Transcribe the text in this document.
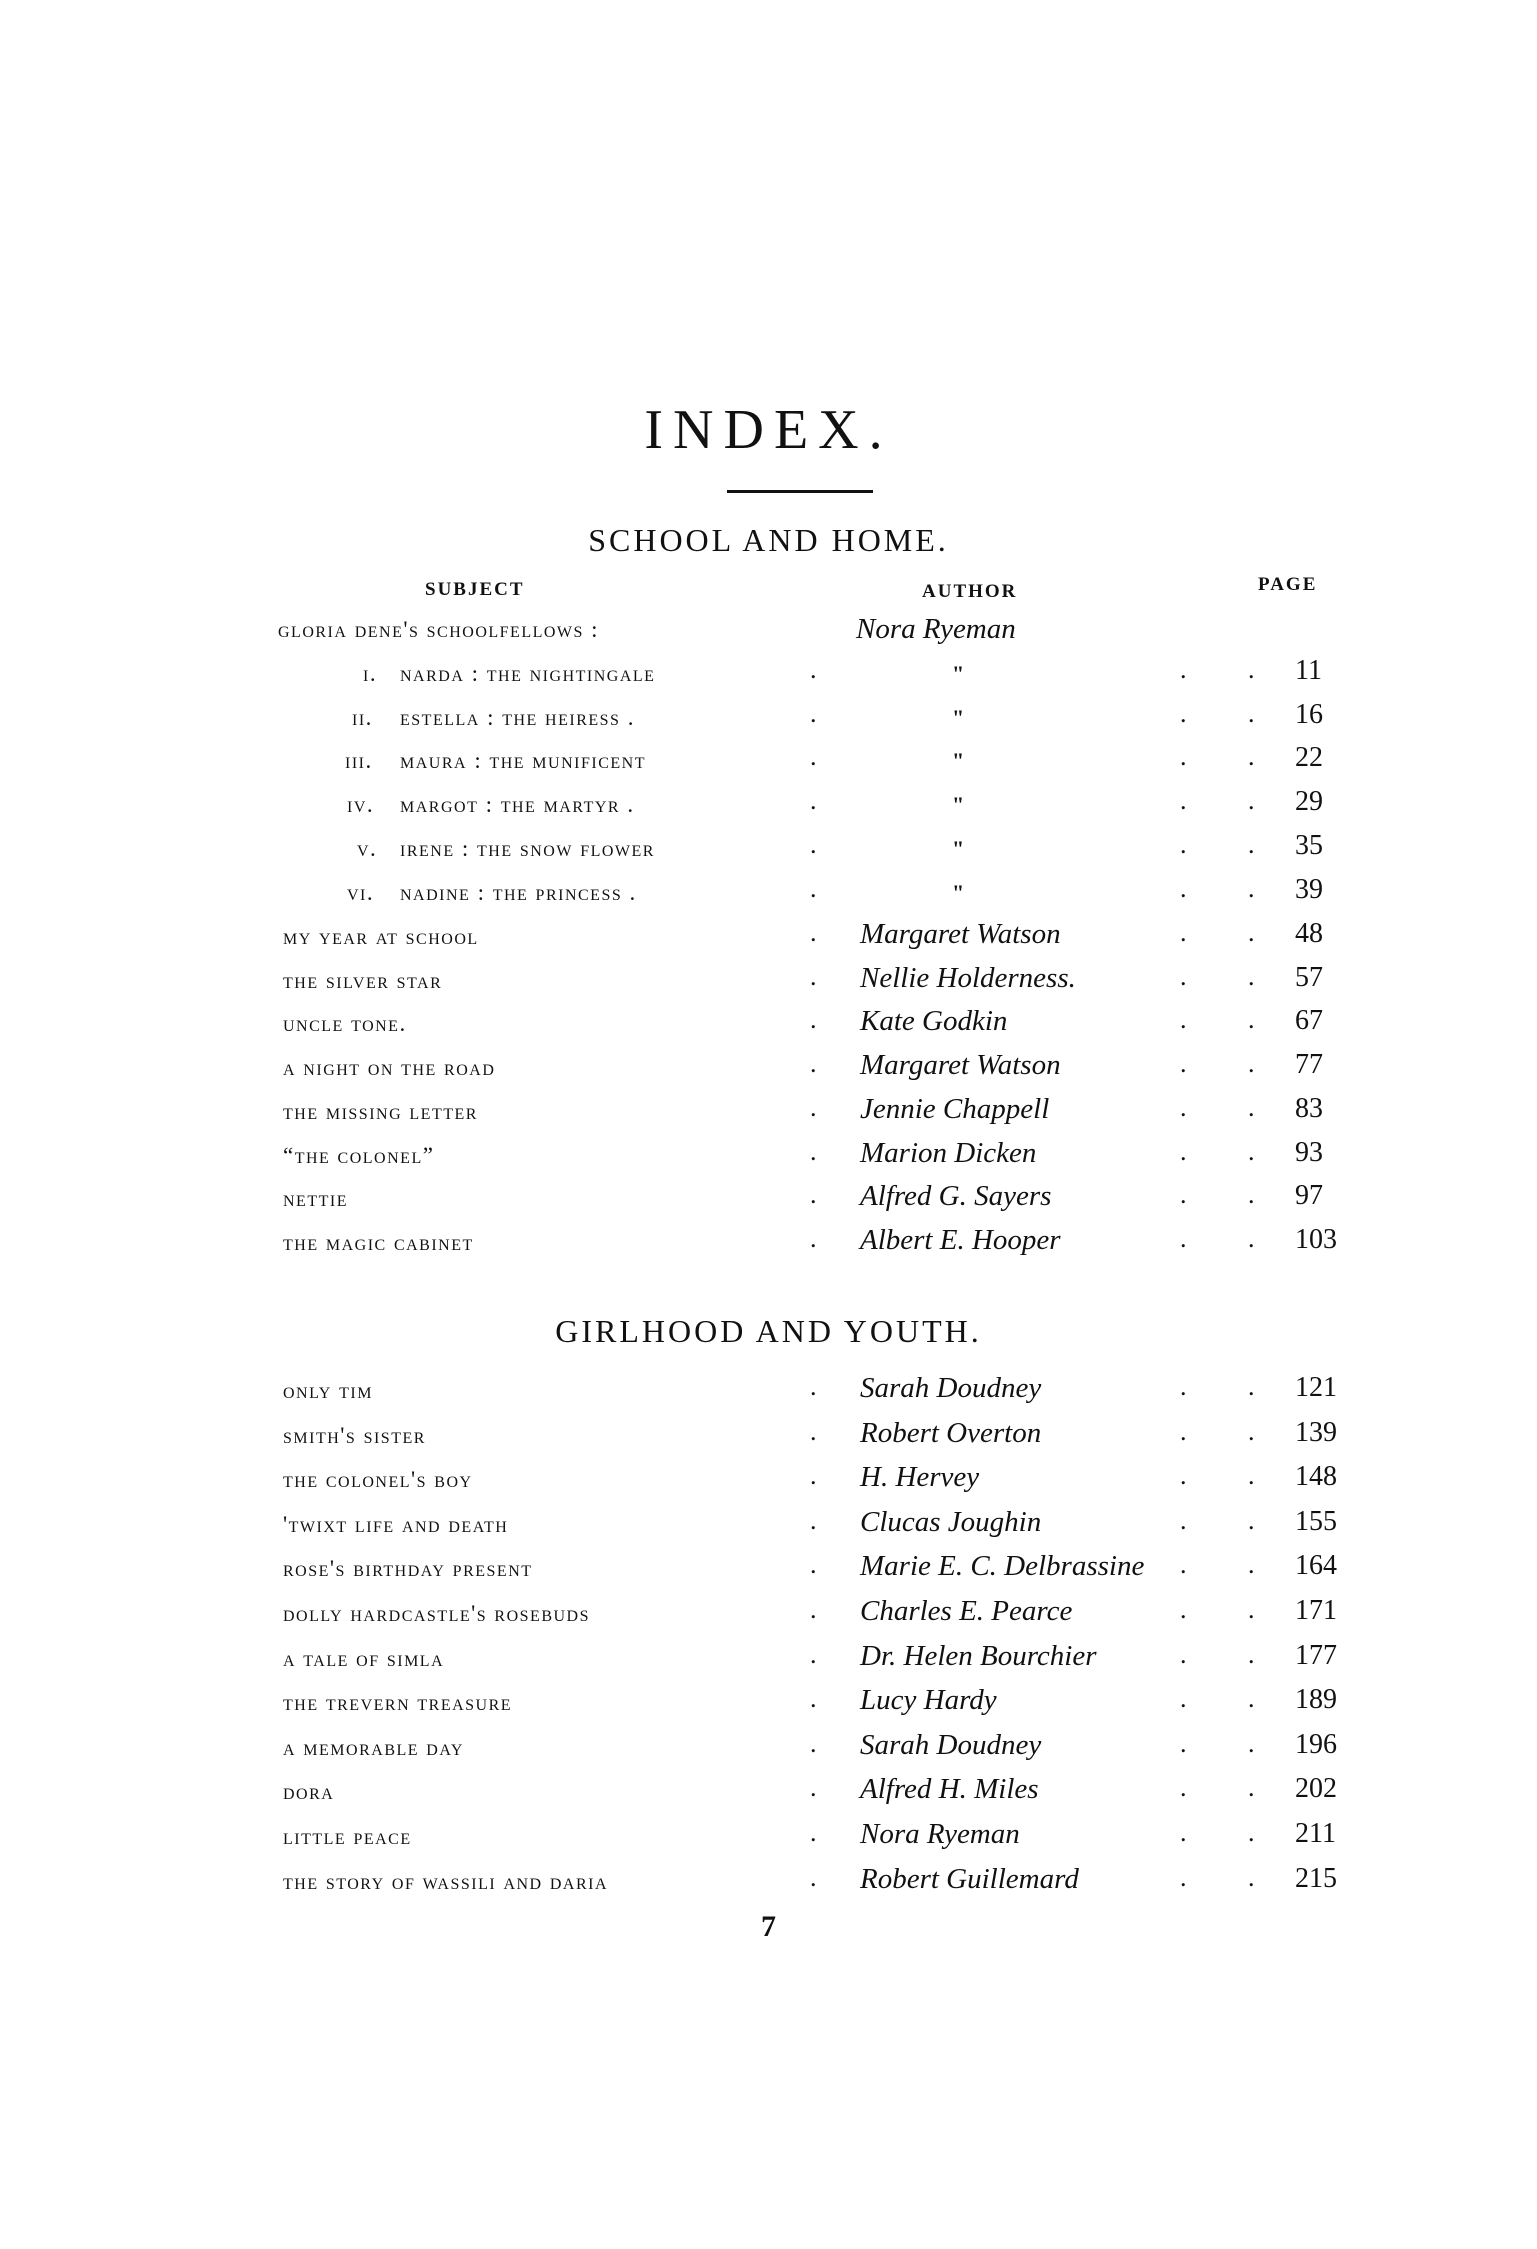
INDEX.
SCHOOL AND HOME.
SUBJECT	AUTHOR	PAGE
gloria dene's schoolfellows :	Nora Ryeman
i. narda : the nightingale	.	"	. . 11
ii. estella : the heiress .	.	"	. . 16
iii. maura : the munificent	.	"	. . 22
iv. margot : the martyr .	.	"	. . 29
v. irene : the snow flower	.	"	. . 35
vi. nadine : the princess .	.	"	. . 39
my year at school	. Margaret Watson	. . 48
the silver star	. Nellie Holderness.	. . 57
uncle tone.	. Kate Godkin	. . 67
a night on the road	. Margaret Watson	. . 77
the missing letter	. Jennie Chappell	. . 83
“the colonel”	. Marion Dicken	. . 93
nettie	. Alfred G. Sayers	. . 97
the magic cabinet	. Albert E. Hooper	. . 103
GIRLHOOD AND YOUTH.
only tim	. Sarah Doudney	. . 121
smith's sister	. Robert Overton	. . 139
the colonel's boy	. H. Hervey	. . 148
'twixt life and death	. Clucas Joughin	. . 155
rose's birthday present	. Marie E. C. Delbrassine . . 164
dolly hardcastle's rosebuds	. Charles E. Pearce	. . 171
a tale of simla	. Dr. Helen Bourchier	. . 177
the trevern treasure	. Lucy Hardy	. . 189
a memorable day	. Sarah Doudney	. . 196
dora	. Alfred H. Miles	. . 202
little peace	. Nora Ryeman	. . 211
the story of wassili and daria	. Robert Guillemard	. . 215
7
